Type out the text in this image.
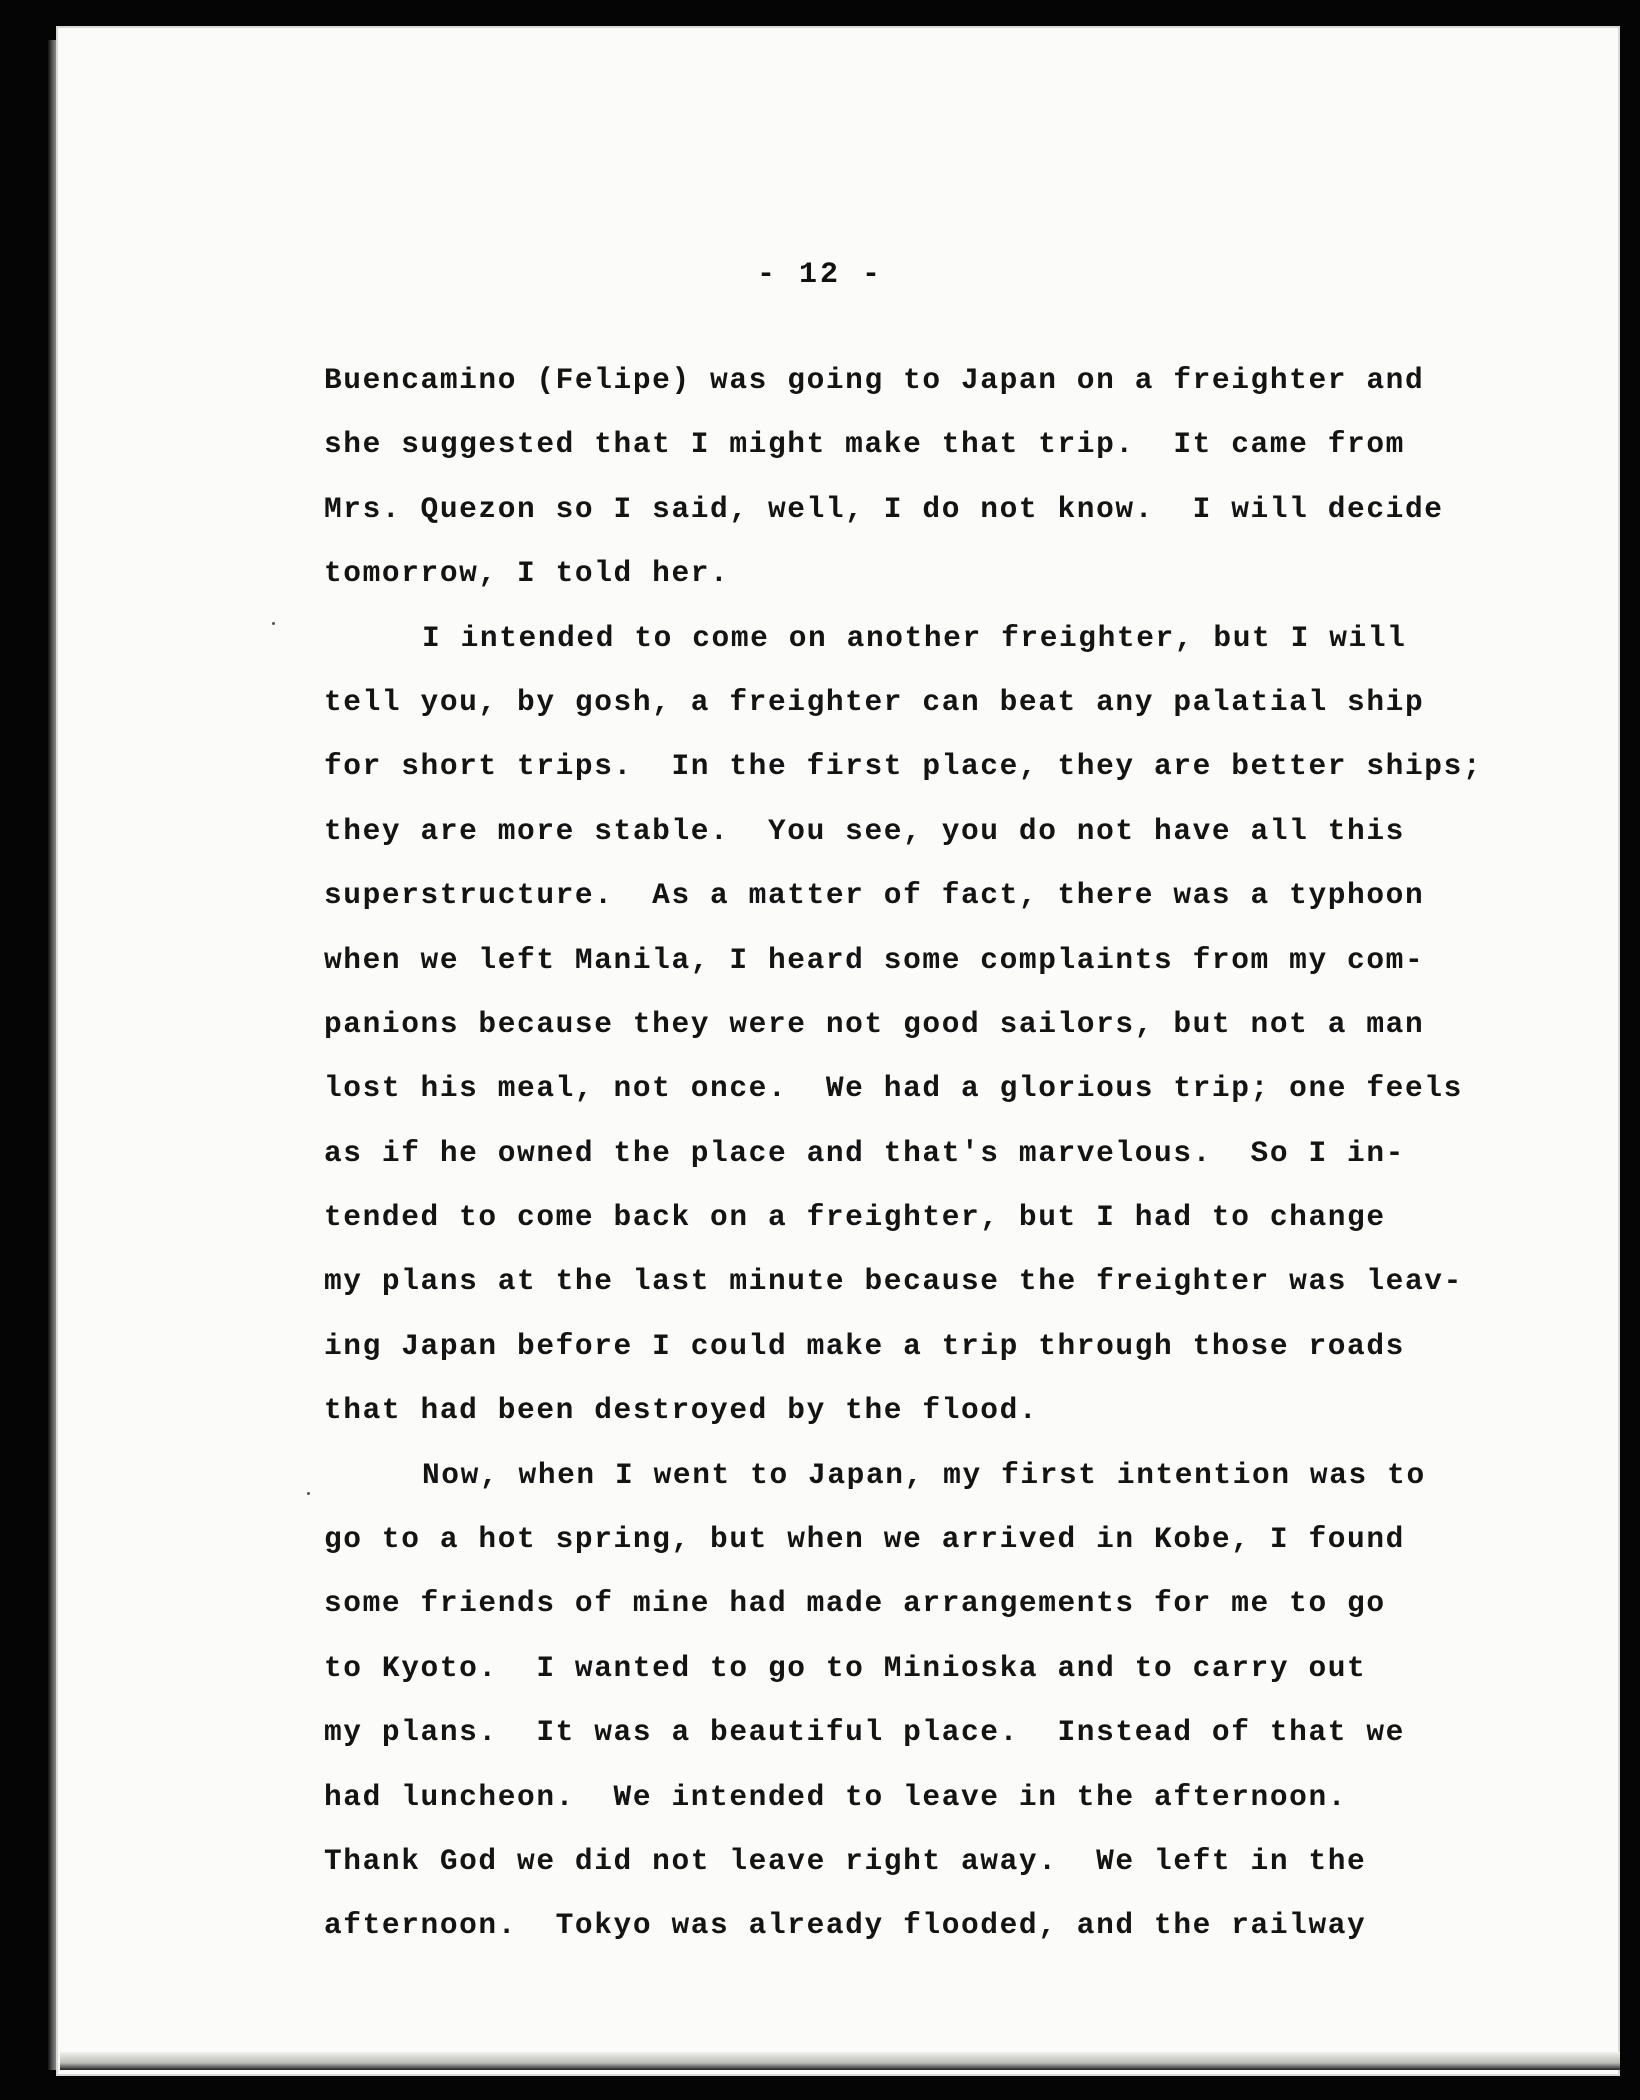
- 12 -
Buencamino (Felipe) was going to Japan on a freighter and
she suggested that I might make that trip.  It came from
Mrs. Quezon so I said, well, I do not know.  I will decide
tomorrow, I told her.
I intended to come on another freighter, but I will
tell you, by gosh, a freighter can beat any palatial ship
for short trips.  In the first place, they are better ships;
they are more stable.  You see, you do not have all this
superstructure.  As a matter of fact, there was a typhoon
when we left Manila, I heard some complaints from my com-
panions because they were not good sailors, but not a man
lost his meal, not once.  We had a glorious trip; one feels
as if he owned the place and that's marvelous.  So I in-
tended to come back on a freighter, but I had to change
my plans at the last minute because the freighter was leav-
ing Japan before I could make a trip through those roads
that had been destroyed by the flood.
Now, when I went to Japan, my first intention was to
go to a hot spring, but when we arrived in Kobe, I found
some friends of mine had made arrangements for me to go
to Kyoto.  I wanted to go to Minioska and to carry out
my plans.  It was a beautiful place.  Instead of that we
had luncheon.  We intended to leave in the afternoon.
Thank God we did not leave right away.  We left in the
afternoon.  Tokyo was already flooded, and the railway
